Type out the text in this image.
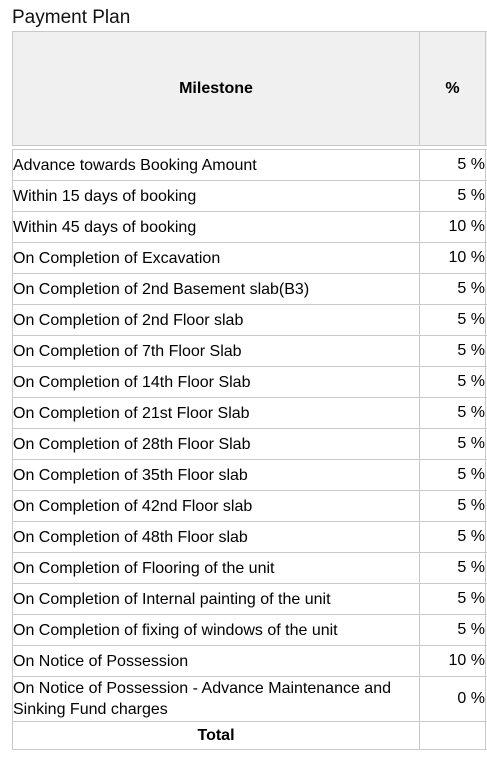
Payment Plan
Milestone	%	

Advance towards Booking Amount	5 %	
Within 15 days of booking	5 %	
Within 45 days of booking	10 %	
On Completion of Excavation	10 %	
On Completion of 2nd Basement slab(B3)	5 %	
On Completion of 2nd Floor slab	5 %	
On Completion of 7th Floor Slab	5 %	
On Completion of 14th Floor Slab	5 %	
On Completion of 21st Floor Slab	5 %	
On Completion of 28th Floor Slab	5 %	
On Completion of 35th Floor slab	5 %	
On Completion of 42nd Floor slab	5 %	
On Completion of 48th Floor slab	5 %	
On Completion of Flooring of the unit	5 %	
On Completion of Internal painting of the unit	5 %	
On Completion of fixing of windows of the unit	5 %	
On Notice of Possession	10 %	
On Notice of Possession - Advance Maintenance and Sinking Fund charges	0 %	
Total		
